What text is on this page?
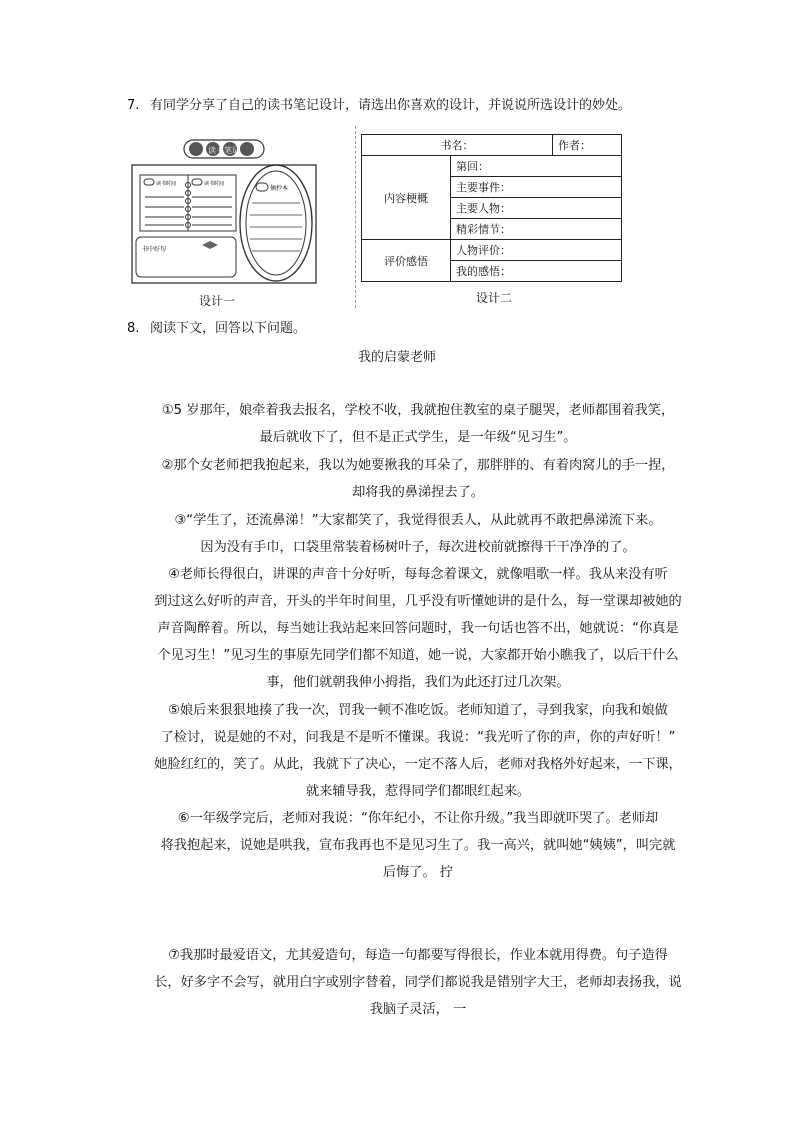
7. 有同学分享了自己的读书笔记设计，请选出你喜欢的设计，并说说所选设计的妙处。
读书笔记
读书时间	读书时间
书中好句
摘抄本
设计一
书名：		作者：
内容梗概	第回：	
	主要事件：	
	主要人物：	
	精彩情节：	
评价感悟	人物评价：	
	我的感悟：	
设计二
8. 阅读下文，回答以下问题。
我的启蒙老师
①5 岁那年，娘牵着我去报名，学校不收，我就抱住教室的桌子腿哭，老师都围着我笑，
最后就收下了，但不是正式学生，是一年级“见习生”。
②那个女老师把我抱起来，我以为她要揪我的耳朵了，那胖胖的、有着肉窝儿的手一捏，
却将我的鼻涕捏去了。
③“学生了，还流鼻涕！”大家都笑了，我觉得很丢人，从此就再不敢把鼻涕流下来。
因为没有手巾，口袋里常装着杨树叶子，每次进校前就擦得干干净净的了。
④老师长得很白，讲课的声音十分好听，每每念着课文，就像唱歌一样。我从来没有听
到过这么好听的声音，开头的半年时间里，几乎没有听懂她讲的是什么，每一堂课却被她的
声音陶醉着。所以，每当她让我站起来回答问题时，我一句话也答不出，她就说：“你真是
个见习生！”见习生的事原先同学们都不知道，她一说，大家都开始小瞧我了，以后干什么
事，他们就朝我伸小拇指，我们为此还打过几次架。
⑤娘后来狠狠地揍了我一次，罚我一顿不准吃饭。老师知道了，寻到我家，向我和娘做
了检讨，说是她的不对，问我是不是听不懂课。我说：“我光听了你的声，你的声好听！”
她脸红红的，笑了。从此，我就下了决心，一定不落人后，老师对我格外好起来，一下课，
就来辅导我，惹得同学们都眼红起来。
⑥一年级学完后，老师对我说：“你年纪小，不让你升级。”我当即就吓哭了。老师却
将我抱起来，说她是哄我，宣布我再也不是见习生了。我一高兴，就叫她“姨姨”，叫完就
后悔了。 拧
⑦我那时最爱语文，尤其爱造句，每造一句都要写得很长，作业本就用得费。句子造得
长，好多字不会写，就用白字或别字替着，同学们都说我是错别字大王，老师却表扬我，说
我脑子灵活， 一
